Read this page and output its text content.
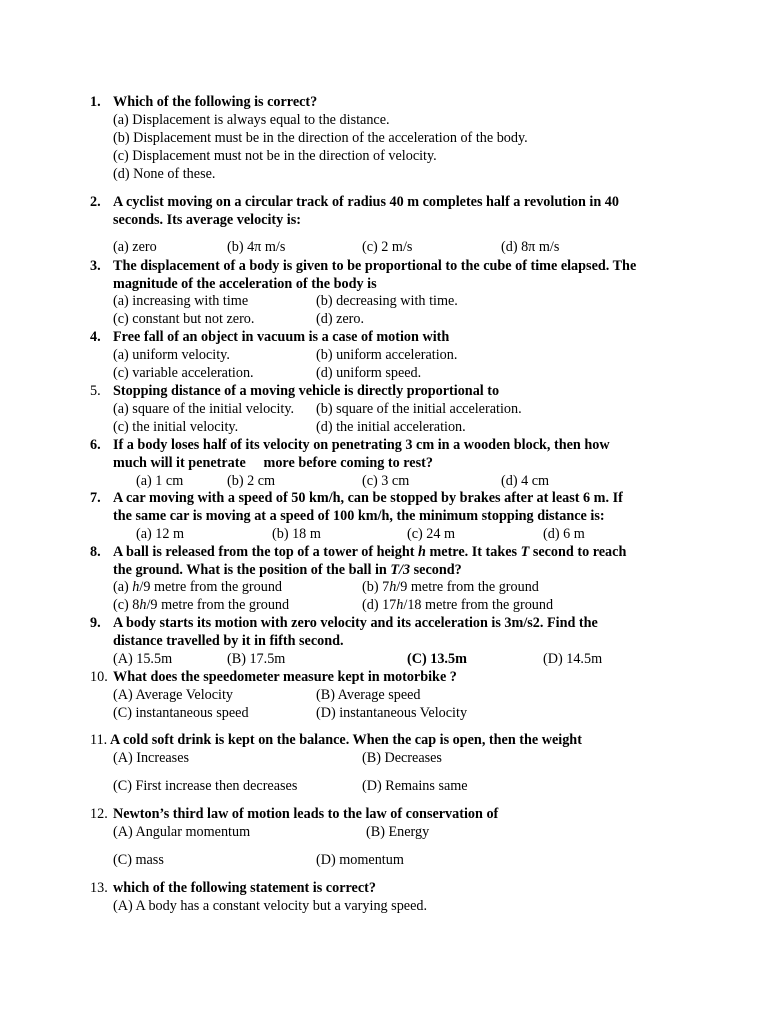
1. Which of the following is correct?
(a) Displacement is always equal to the distance.
(b) Displacement must be in the direction of the acceleration of the body.
(c) Displacement must not be in the direction of velocity.
(d) None of these.
2. A cyclist moving on a circular track of radius 40 m completes half a revolution in 40
seconds. Its average velocity is:
(a) zero	(b) 4π m/s	(c) 2 m/s	(d) 8π m/s
3. The displacement of a body is given to be proportional to the cube of time elapsed. The
magnitude of the acceleration of the body is
(a) increasing with time	(b) decreasing with time.
(c) constant but not zero.	(d) zero.
4. Free fall of an object in vacuum is a case of motion with
(a) uniform velocity.	(b) uniform acceleration.
(c) variable acceleration.	(d) uniform speed.
5. Stopping distance of a moving vehicle is directly proportional to
(a) square of the initial velocity. (b) square of the initial acceleration.
(c) the initial velocity.	(d) the initial acceleration.
6. If a body loses half of its velocity on penetrating 3 cm in a wooden block, then how
much will it penetrate     more before coming to rest?
(a) 1 cm	(b) 2 cm	(c) 3 cm	(d) 4 cm
7. A car moving with a speed of 50 km/h, can be stopped by brakes after at least 6 m. If
the same car is moving at a speed of 100 km/h, the minimum stopping distance is:
(a) 12 m	(b) 18 m	(c) 24 m	(d) 6 m
8. A ball is released from the top of a tower of height h metre. It takes T second to reach
the ground. What is the position of the ball in T/3 second?
(a) h/9 metre from the ground	(b) 7h/9 metre from the ground
(c) 8h/9 metre from the ground	(d) 17h/18 metre from the ground
9. A body starts its motion with zero velocity and its acceleration is 3m/s2. Find the
distance travelled by it in fifth second.
(A) 15.5m	(B) 17.5m	(C) 13.5m	(D) 14.5m
10. What does the speedometer measure kept in motorbike ?
(A) Average Velocity	(B) Average speed
(C) instantaneous speed	(D) instantaneous Velocity
11. A cold soft drink is kept on the balance. When the cap is open, then the weight
(A) Increases	(B) Decreases
(C) First increase then decreases	(D) Remains same
12. Newton’s third law of motion leads to the law of conservation of
(A) Angular momentum	(B) Energy
(C) mass	(D) momentum
13. which of the following statement is correct?
(A) A body has a constant velocity but a varying speed.
